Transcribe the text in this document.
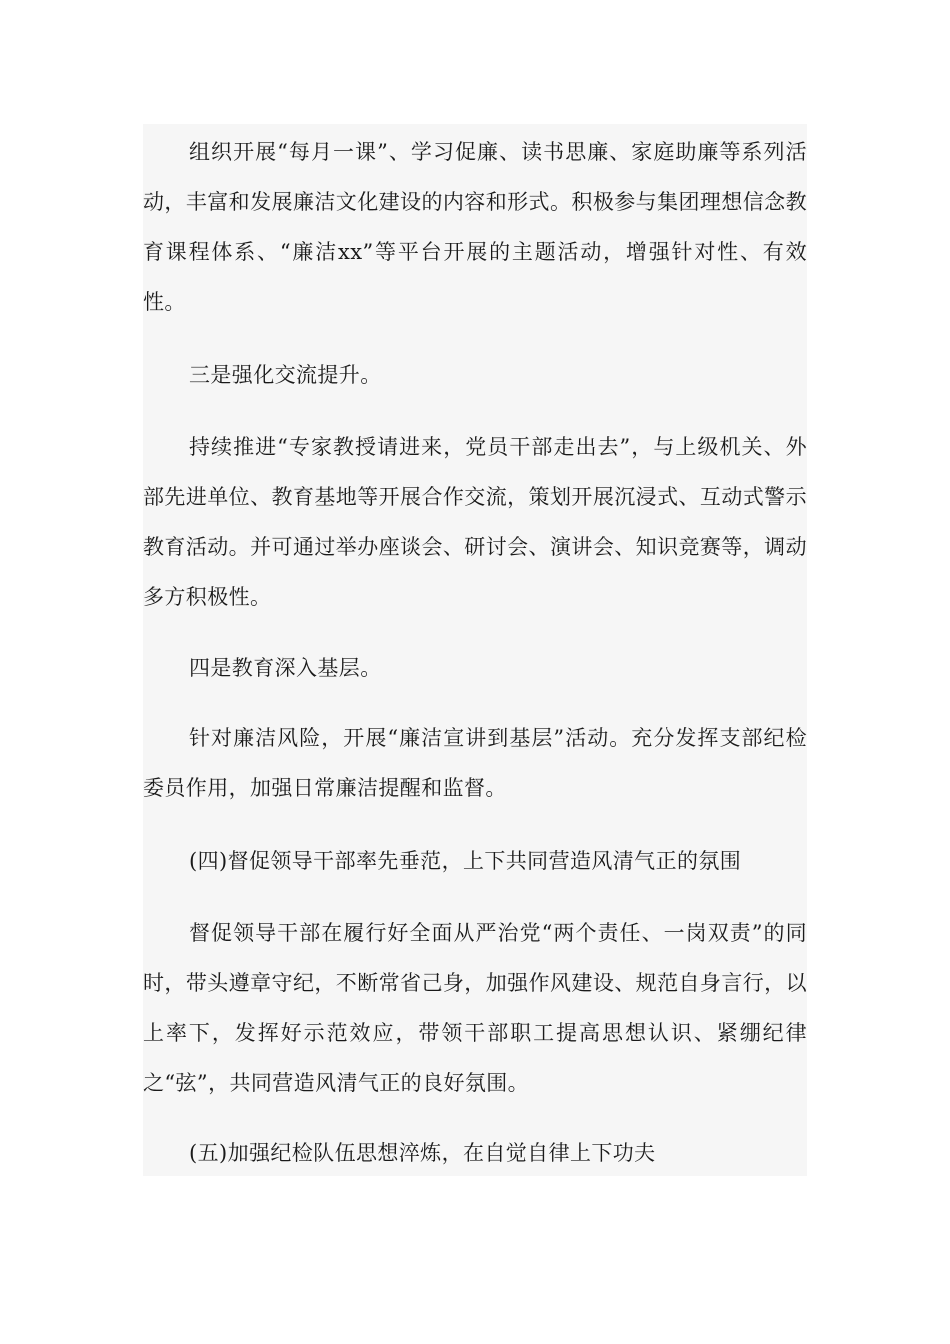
组织开展“每月一课”、学习促廉、读书思廉、家庭助廉等系列活动，丰富和发展廉洁文化建设的内容和形式。积极参与集团理想信念教育课程体系、“廉洁xx”等平台开展的主题活动，增强针对性、有效性。

三是强化交流提升。

持续推进“专家教授请进来，党员干部走出去”，与上级机关、外部先进单位、教育基地等开展合作交流，策划开展沉浸式、互动式警示教育活动。并可通过举办座谈会、研讨会、演讲会、知识竞赛等，调动多方积极性。

四是教育深入基层。

针对廉洁风险，开展“廉洁宣讲到基层”活动。充分发挥支部纪检委员作用，加强日常廉洁提醒和监督。

(四)督促领导干部率先垂范，上下共同营造风清气正的氛围

督促领导干部在履行好全面从严治党“两个责任、一岗双责”的同时，带头遵章守纪，不断常省己身，加强作风建设、规范自身言行，以上率下，发挥好示范效应，带领干部职工提高思想认识、紧绷纪律之“弦”，共同营造风清气正的良好氛围。

(五)加强纪检队伍思想淬炼，在自觉自律上下功夫
